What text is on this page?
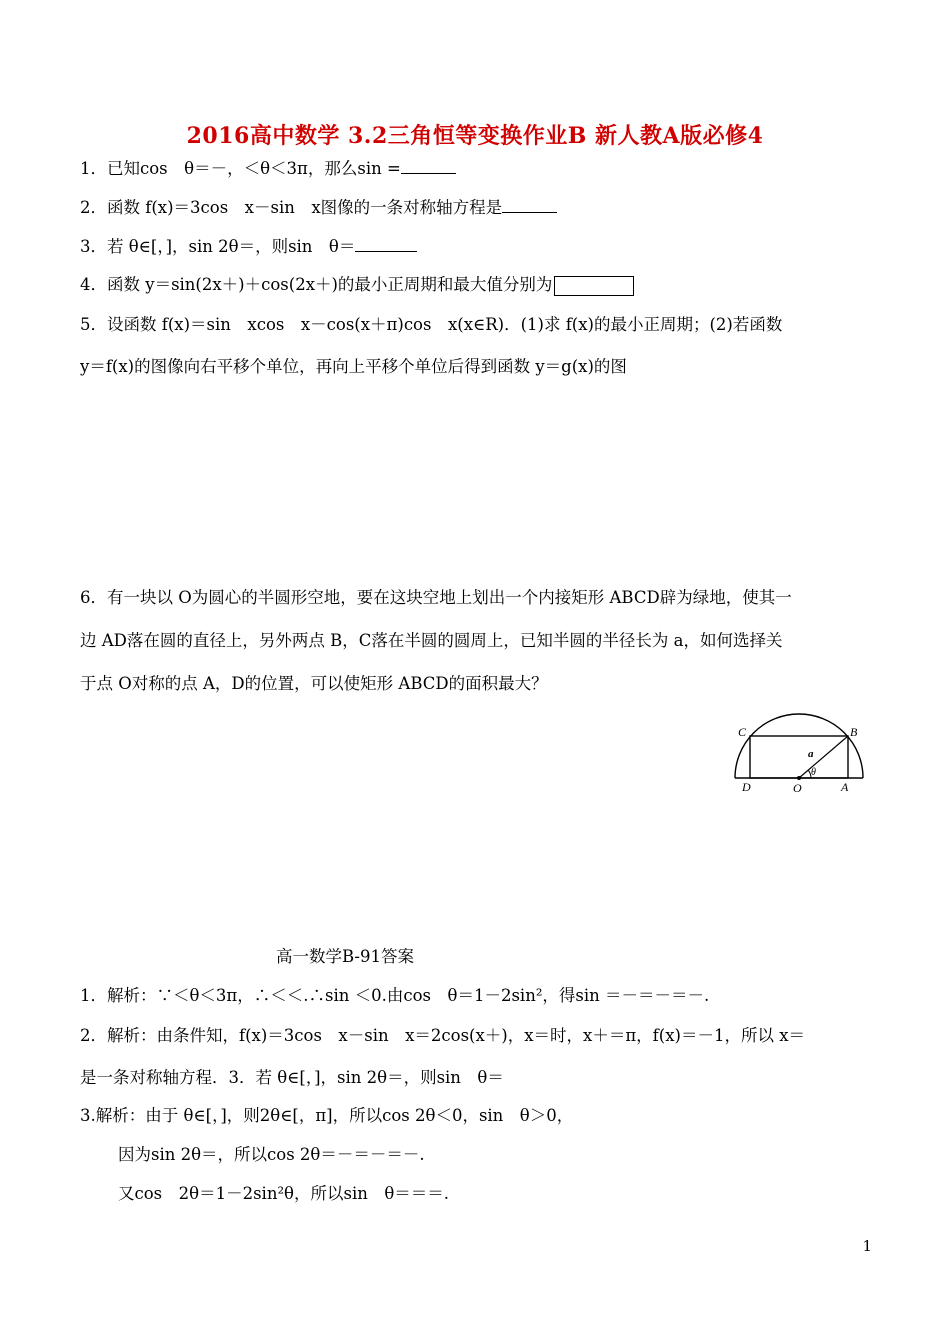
2016高中数学 3.2三角恒等变换作业B 新人教A版必修4
1．已知cos　θ＝－，＜θ＜3π，那么sin =
2．函数 f(x)＝3cos　x－sin　x图像的一条对称轴方程是
3．若 θ∈[，]，sin 2θ＝，则sin　θ＝
4．函数 y＝sin(2x＋)＋cos(2x＋)的最小正周期和最大值分别为
5．设函数 f(x)＝sin　xcos　x－cos(x＋π)cos　x(x∈R)．(1)求 f(x)的最小正周期；(2)若函数
y＝f(x)的图像向右平移个单位，再向上平移个单位后得到函数 y＝g(x)的图
6．有一块以 O为圆心的半圆形空地，要在这块空地上划出一个内接矩形 ABCD辟为绿地，使其一
边 AD落在圆的直径上，另外两点 B，C落在半圆的圆周上，已知半圆的半径长为 a，如何选择关
于点 O对称的点 A，D的位置，可以使矩形 ABCD的面积最大？
C	B
D	O	A
a
θ
高一数学B-91答案
1．解析：∵＜θ＜3π，∴＜＜.∴sin ＜0.由cos　θ＝1－2sin²，得sin ＝－＝－＝－.
2．解析：由条件知，f(x)＝3cos　x－sin　x＝2cos(x＋)，x＝时，x＋＝π，f(x)＝－1，所以 x＝
是一条对称轴方程．3．若 θ∈[，]，sin 2θ＝，则sin　θ＝
3.解析：由于 θ∈[，]，则2θ∈[，π]，所以cos 2θ＜0，sin　θ＞0，
因为sin 2θ＝，所以cos 2θ＝－＝－＝－.
又cos　2θ＝1－2sin²θ，所以sin　θ＝＝＝.
1
